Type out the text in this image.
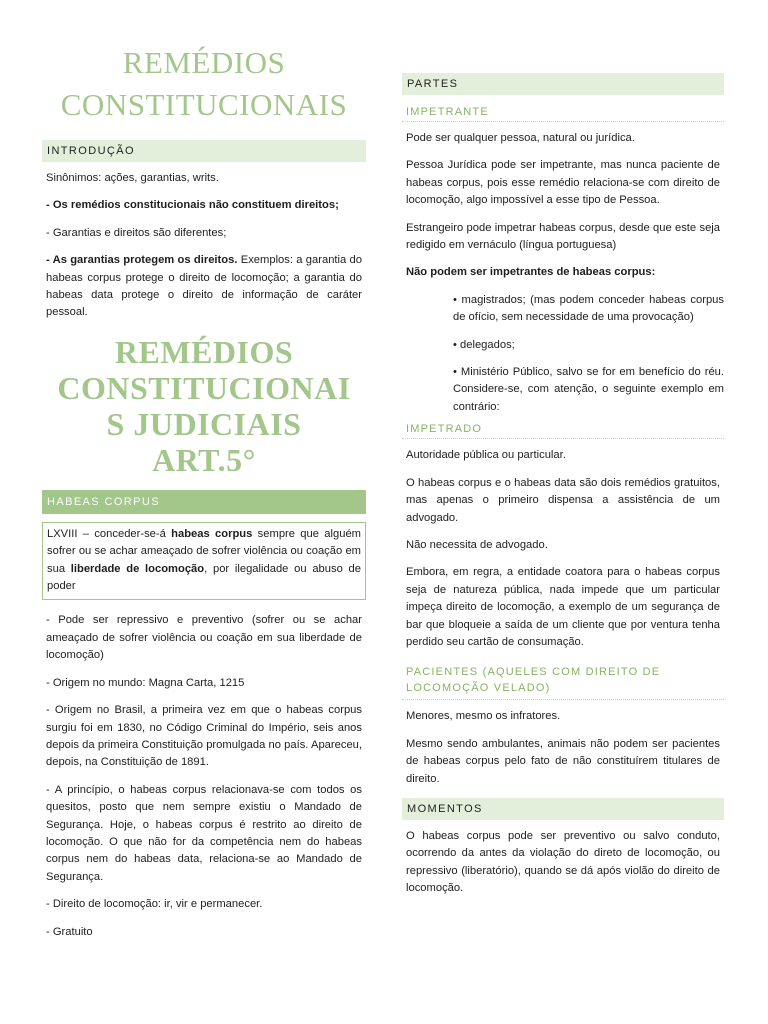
REMÉDIOS
CONSTITUCIONAIS
INTRODUÇÃO

Sinônimos: ações, garantias, writs.

- Os remédios constitucionais não constituem direitos;

- Garantias e direitos são diferentes;

- As garantias protegem os direitos. Exemplos: a garantia do habeas corpus protege o direito de locomoção; a garantia do habeas data protege o direito de informação de caráter pessoal.

REMÉDIOS
CONSTITUCIONAI
S JUDICIAIS
ART.5°
HABEAS CORPUS

LXVIII – conceder-se-á habeas corpus sempre que alguém sofrer ou se achar ameaçado de sofrer violência ou coação em sua liberdade de locomoção, por ilegalidade ou abuso de poder

- Pode ser repressivo e preventivo (sofrer ou se achar ameaçado de sofrer violência ou coação em sua liberdade de locomoção)

- Origem no mundo: Magna Carta, 1215

- Origem no Brasil, a primeira vez em que o habeas corpus surgiu foi em 1830, no Código Criminal do Império, seis anos depois da primeira Constituição promulgada no país. Apareceu, depois, na Constituição de 1891.

- A princípio, o habeas corpus relacionava-se com todos os quesitos, posto que nem sempre existiu o Mandado de Segurança. Hoje, o habeas corpus é restrito ao direito de locomoção. O que não for da competência nem do habeas corpus nem do habeas data, relaciona-se ao Mandado de Segurança.

- Direito de locomoção: ir, vir e permanecer.

- Gratuito

PARTES
IMPETRANTE

Pode ser qualquer pessoa, natural ou jurídica.

Pessoa Jurídica pode ser impetrante, mas nunca paciente de habeas corpus, pois esse remédio relaciona-se com direito de locomoção, algo impossível a esse tipo de Pessoa.

Estrangeiro pode impetrar habeas corpus, desde que este seja redigido em vernáculo (língua portuguesa)

Não podem ser impetrantes de habeas corpus:

• magistrados; (mas podem conceder habeas corpus de ofício, sem necessidade de uma provocação)

• delegados;

• Ministério Público, salvo se for em benefício do réu. Considere-se, com atenção, o seguinte exemplo em contrário:

IMPETRADO

Autoridade pública ou particular.

O habeas corpus e o habeas data são dois remédios gratuitos, mas apenas o primeiro dispensa a assistência de um advogado.

Não necessita de advogado.

Embora, em regra, a entidade coatora para o habeas corpus seja de natureza pública, nada impede que um particular impeça direito de locomoção, a exemplo de um segurança de bar que bloqueie a saída de um cliente que por ventura tenha perdido seu cartão de consumação.

PACIENTES (AQUELES COM DIREITO DE LOCOMOÇÃO VELADO)

Menores, mesmo os infratores.

Mesmo sendo ambulantes, animais não podem ser pacientes de habeas corpus pelo fato de não constituírem titulares de direito.

MOMENTOS

O habeas corpus pode ser preventivo ou salvo conduto, ocorrendo da antes da violação do direto de locomoção, ou repressivo (liberatório), quando se dá após violão do direito de locomoção.
